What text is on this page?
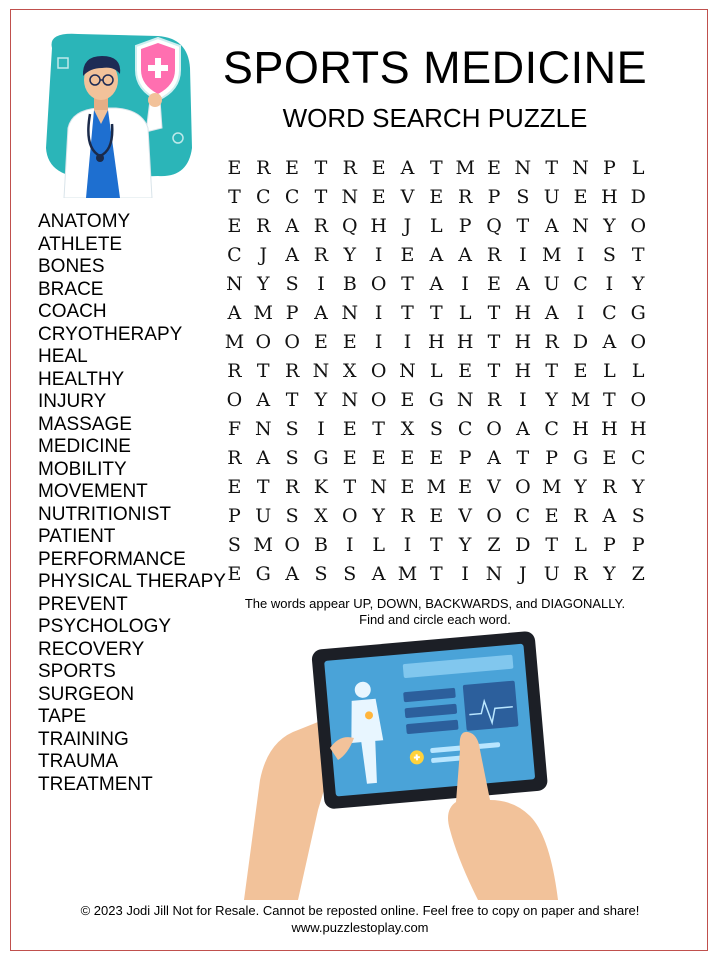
SPORTS MEDICINE
WORD SEARCH PUZZLE
ANATOMY
ATHLETE
BONES
BRACE
COACH
CRYOTHERAPY
HEAL
HEALTHY
INJURY
MASSAGE
MEDICINE
MOBILITY
MOVEMENT
NUTRITIONIST
PATIENT
PERFORMANCE
PHYSICAL THERAPY
PREVENT
PSYCHOLOGY
RECOVERY
SPORTS
SURGEON
TAPE
TRAINING
TRAUMA
TREATMENT
E R E T R E A T M E N T N P L
T C C T N E V E R P S U E H D
E R A R Q H J L P Q T A N Y O
C J A R Y I E A A R I M I S T
N Y S I B O T A I E A U C I Y
A M P A N I T T L T H A I C G
M O O E E I	I H H T H R D A O
R T R N X O N L E T H T E L L
O A T Y N O E G N R I Y M T O
F N S I E T X S C O A C H H H
R A S G E E E E P A T P G E C
E T R K T N E M E V O M Y R Y
P U S X O Y R E V O C E R A S
S M O B I L I T Y Z D T L P P
E G A S S A M T I N J U R Y Z
The words appear UP, DOWN, BACKWARDS, and DIAGONALLY.
Find and circle each word.
© 2023 Jodi Jill Not for Resale. Cannot be reposted online. Feel free to copy on paper and share!
www.puzzlestoplay.com
